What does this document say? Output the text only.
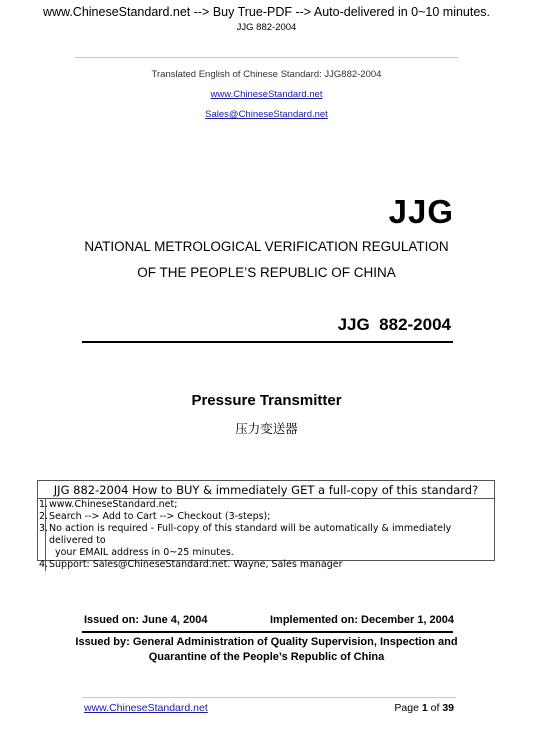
www.ChineseStandard.net --> Buy True-PDF --> Auto-delivered in 0~10 minutes.
JJG 882-2004
Translated English of Chinese Standard: JJG882-2004
www.ChineseStandard.net
Sales@ChineseStandard.net
JJG
NATIONAL METROLOGICAL VERIFICATION REGULATION
OF THE PEOPLE’S REPUBLIC OF CHINA
JJG  882-2004
Pressure Transmitter
压力变送器
JJG 882-2004 How to BUY & immediately GET a full-copy of this standard?
1. www.ChineseStandard.net;
2. Search --> Add to Cart --> Checkout (3-steps);
3. No action is required - Full-copy of this standard will be automatically & immediately delivered to
your EMAIL address in 0~25 minutes.
4. Support: Sales@ChineseStandard.net. Wayne, Sales manager
Issued on: June 4, 2004	Implemented on: December 1, 2004
Issued by: General Administration of Quality Supervision, Inspection and
Quarantine of the People’s Republic of China
www.ChineseStandard.net	Page 1 of 39
